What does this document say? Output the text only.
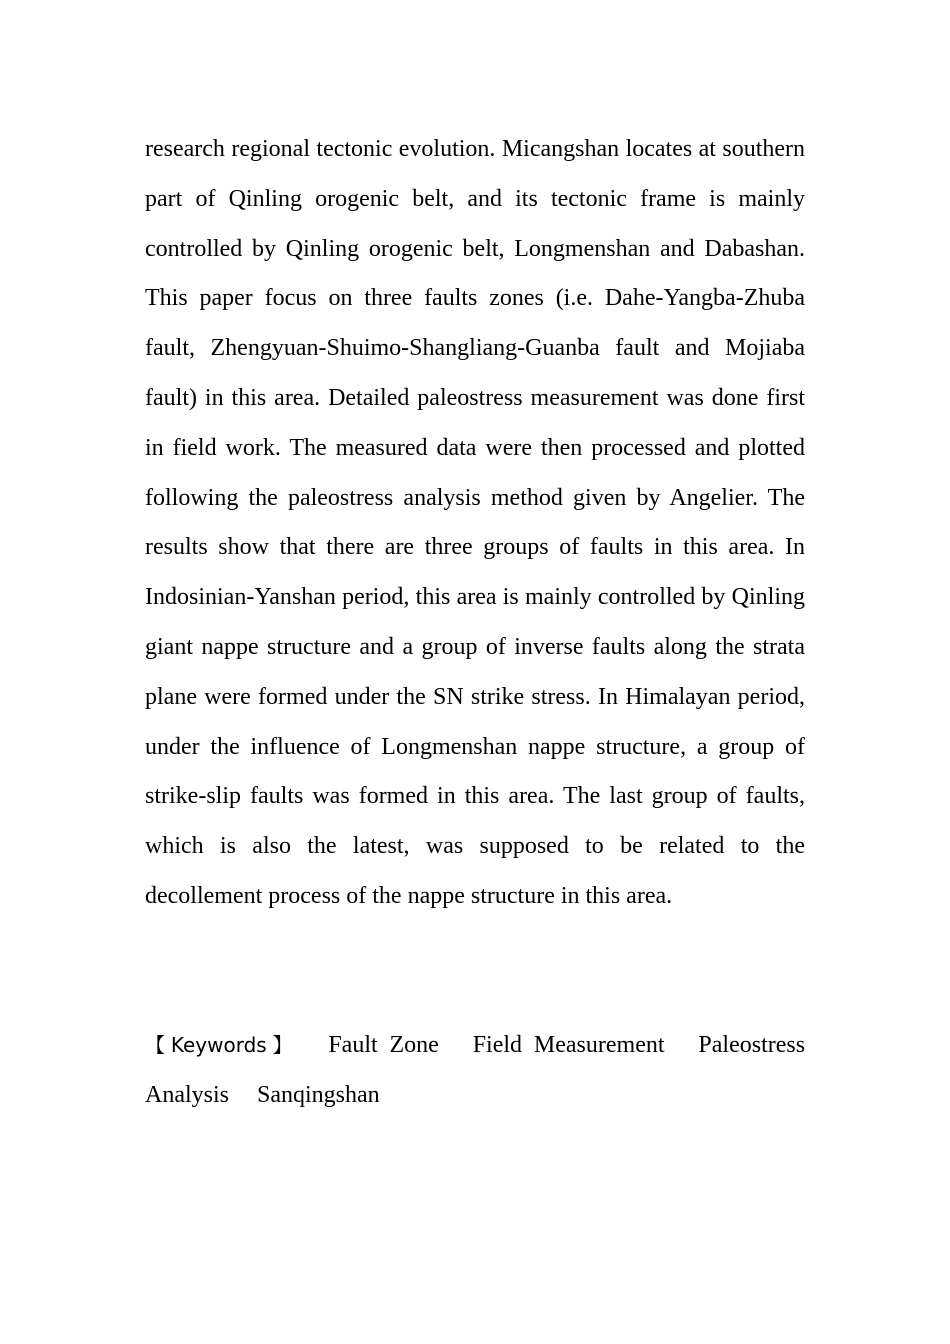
research regional tectonic evolution. Micangshan locates at southern part of Qinling orogenic belt, and its tectonic frame is mainly controlled by Qinling orogenic belt, Longmenshan and Dabashan. This paper focus on three faults zones (i.e. Dahe-Yangba-Zhuba fault, Zhengyuan-Shuimo-Shangliang-Guanba fault and Mojiaba fault) in this area. Detailed paleostress measurement was done first in field work. The measured data were then processed and plotted following the paleostress analysis method given by Angelier. The results show that there are three groups of faults in this area. In Indosinian-Yanshan period, this area is mainly controlled by Qinling giant nappe structure and a group of inverse faults along the strata plane were formed under the SN strike stress. In Himalayan period, under the influence of Longmenshan nappe structure, a group of strike-slip faults was formed in this area. The last group of faults, which is also the latest, was supposed to be related to the decollement process of the nappe structure in this area.

【Keywords】 Fault Zone Field Measurement Paleostress Analysis Sanqingshan
